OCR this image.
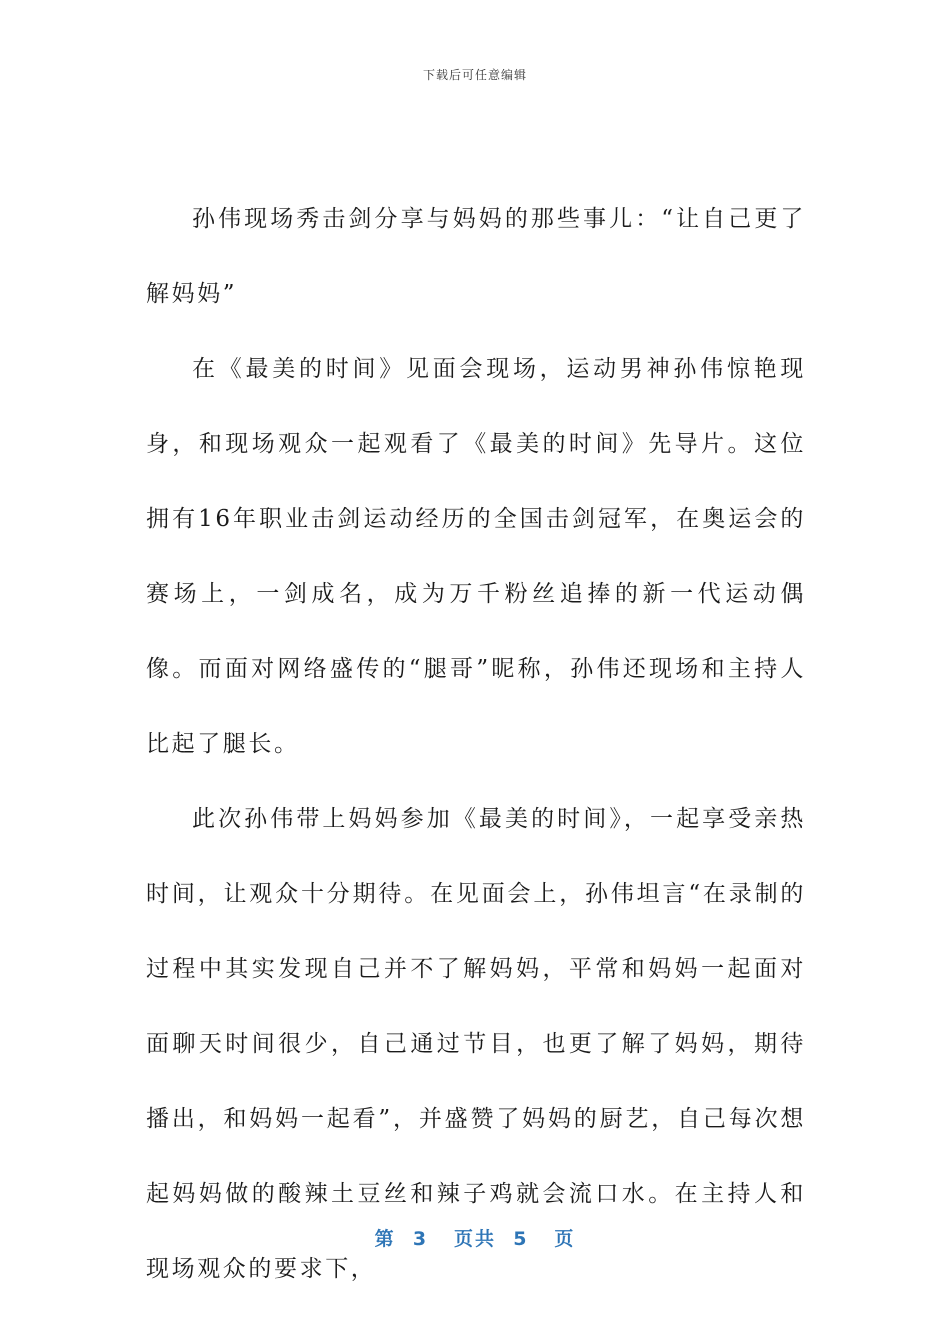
下载后可任意编辑

孙伟现场秀击剑分享与妈妈的那些事儿：“让自己更了解妈妈”

在《最美的时间》见面会现场，运动男神孙伟惊艳现身，和现场观众一起观看了《最美的时间》先导片。这位拥有16年职业击剑运动经历的全国击剑冠军，在奥运会的赛场上，一剑成名，成为万千粉丝追捧的新一代运动偶像。而面对网络盛传的“腿哥”昵称，孙伟还现场和主持人比起了腿长。

此次孙伟带上妈妈参加《最美的时间》，一起享受亲热时间，让观众十分期待。在见面会上，孙伟坦言“在录制的过程中其实发现自己并不了解妈妈，平常和妈妈一起面对面聊天时间很少，自己通过节目，也更了解了妈妈，期待播出，和妈妈一起看”，并盛赞了妈妈的厨艺，自己每次想起妈妈做的酸辣土豆丝和辣子鸡就会流口水。在主持人和现场观众的要求下，

第 3 页共 5 页
